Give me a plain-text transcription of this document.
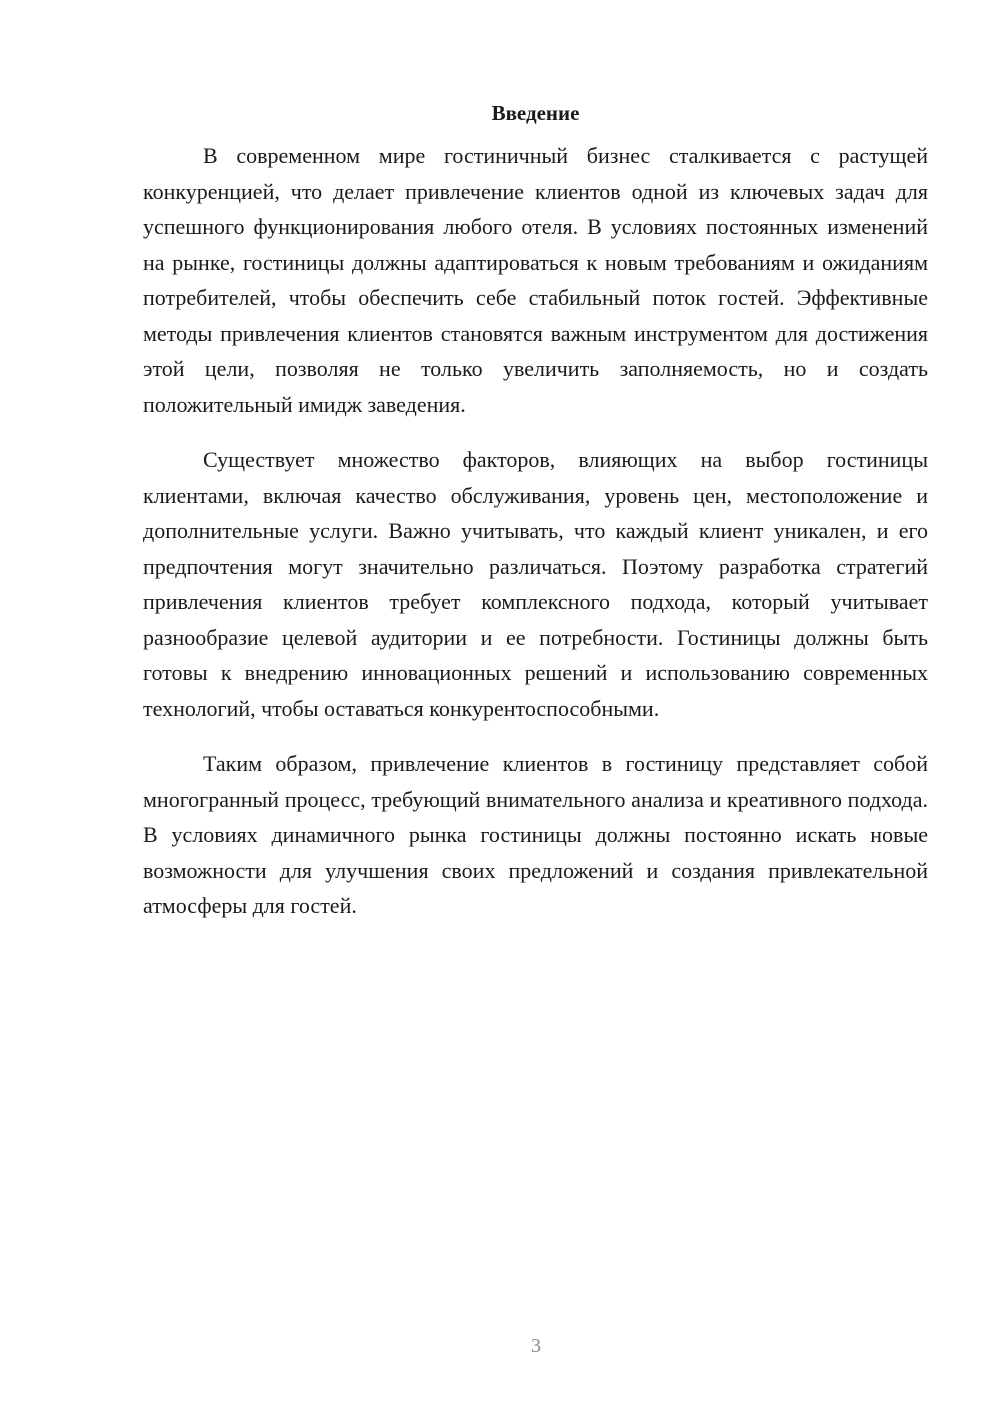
Введение

В современном мире гостиничный бизнес сталкивается с растущей конкуренцией, что делает привлечение клиентов одной из ключевых задач для успешного функционирования любого отеля. В условиях постоянных изменений на рынке, гостиницы должны адаптироваться к новым требованиям и ожиданиям потребителей, чтобы обеспечить себе стабильный поток гостей. Эффективные методы привлечения клиентов становятся важным инструментом для достижения этой цели, позволяя не только увеличить заполняемость, но и создать положительный имидж заведения.

Существует множество факторов, влияющих на выбор гостиницы клиентами, включая качество обслуживания, уровень цен, местоположение и дополнительные услуги. Важно учитывать, что каждый клиент уникален, и его предпочтения могут значительно различаться. Поэтому разработка стратегий привлечения клиентов требует комплексного подхода, который учитывает разнообразие целевой аудитории и ее потребности. Гостиницы должны быть готовы к внедрению инновационных решений и использованию современных технологий, чтобы оставаться конкурентоспособными.

Таким образом, привлечение клиентов в гостиницу представляет собой многогранный процесс, требующий внимательного анализа и креативного подхода. В условиях динамичного рынка гостиницы должны постоянно искать новые возможности для улучшения своих предложений и создания привлекательной атмосферы для гостей.

3
